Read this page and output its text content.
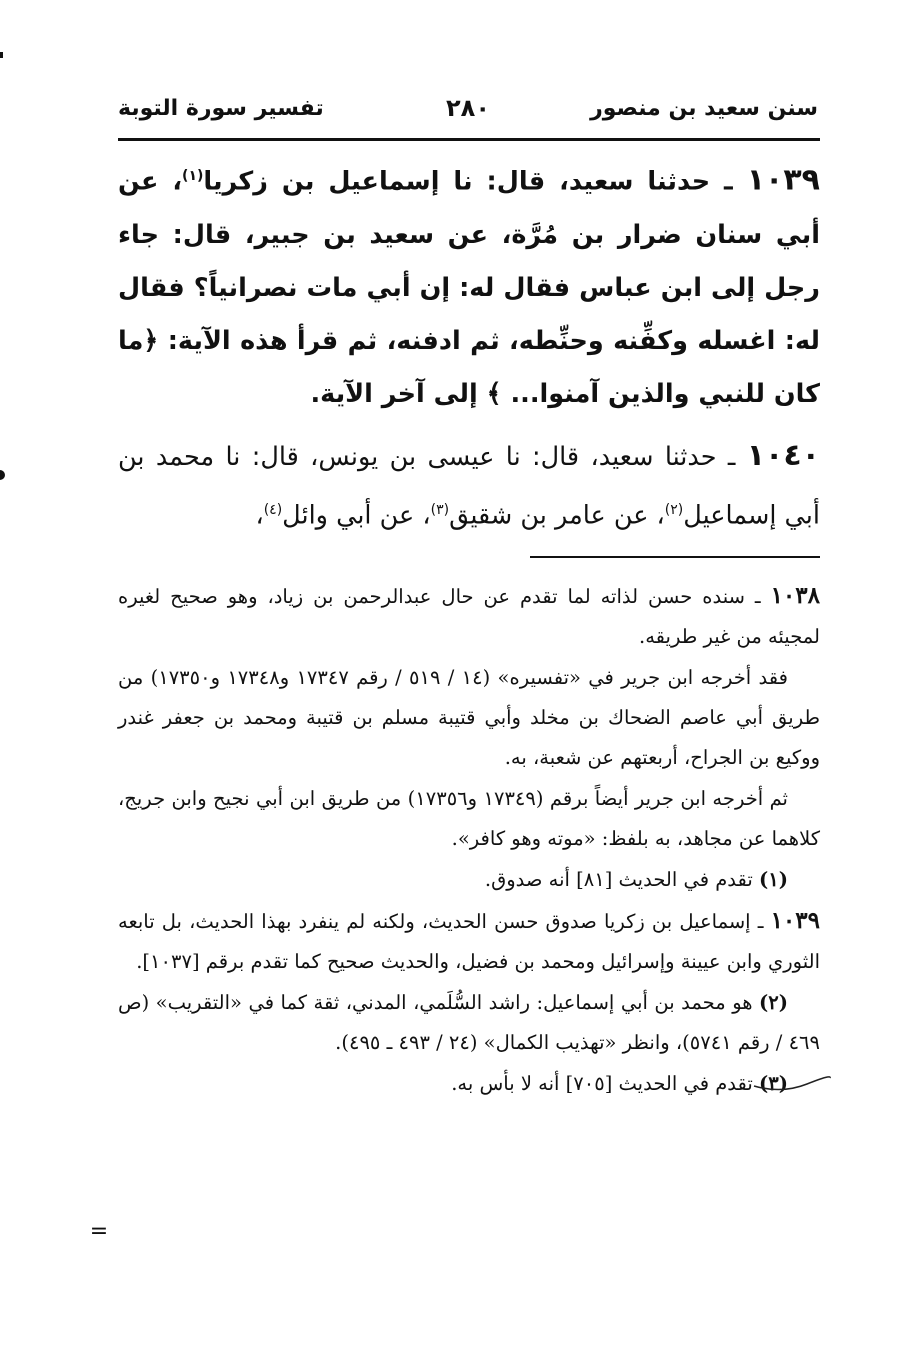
سنن سعيد بن منصور
٢٨٠
تفسير سورة التوبة

١٠٣٩ ـ حدثنا سعيد، قال: نا إسماعيل بن زكريا$^{(١)}$، عن أبي سنان ضرار بن مُرَّة، عن سعيد بن جبير، قال: جاء رجل إلى ابن عباس فقال له: إن أبي مات نصرانياً؟ فقال له: اغسله وكفِّنه وحنِّطه، ثم ادفنه، ثم قرأ هذه الآية: ﴿ما كان للنبي والذين آمنوا... ﴾ إلى آخر الآية.

١٠٤٠ ـ حدثنا سعيد، قال: نا عيسى بن يونس، قال: نا محمد بن أبي إسماعيل$^{(٢)}$، عن عامر بن شقيق$^{(٣)}$، عن أبي وائل$^{(٤)}$،

١٠٣٨ ـ سنده حسن لذاته لما تقدم عن حال عبدالرحمن بن زياد، وهو صحيح لغيره لمجيئه من غير طريقه.

فقد أخرجه ابن جرير في «تفسيره» (١٤ / ٥١٩ / رقم ١٧٣٤٧ و١٧٣٤٨ و١٧٣٥٠) من طريق أبي عاصم الضحاك بن مخلد وأبي قتيبة مسلم بن قتيبة ومحمد بن جعفر غندر ووكيع بن الجراح، أربعتهم عن شعبة، به.

ثم أخرجه ابن جرير أيضاً برقم (١٧٣٤٩ و١٧٣٥٦) من طريق ابن أبي نجيح وابن جريج، كلاهما عن مجاهد، به بلفظ: «موته وهو كافر».

(١) تقدم في الحديث [٨١] أنه صدوق.

١٠٣٩ ـ إسماعيل بن زكريا صدوق حسن الحديث، ولكنه لم ينفرد بهذا الحديث، بل تابعه الثوري وابن عيينة وإسرائيل ومحمد بن فضيل، والحديث صحيح كما تقدم برقم [١٠٣٧].

(٢) هو محمد بن أبي إسماعيل: راشد السُّلَمي، المدني، ثقة كما في «التقريب» (ص ٤٦٩ / رقم ٥٧٤١)، وانظر «تهذيب الكمال» (٢٤ / ٤٩٣ ـ ٤٩٥).

(٣) تقدم في الحديث [٧٠٥] أنه لا بأس به.

=
